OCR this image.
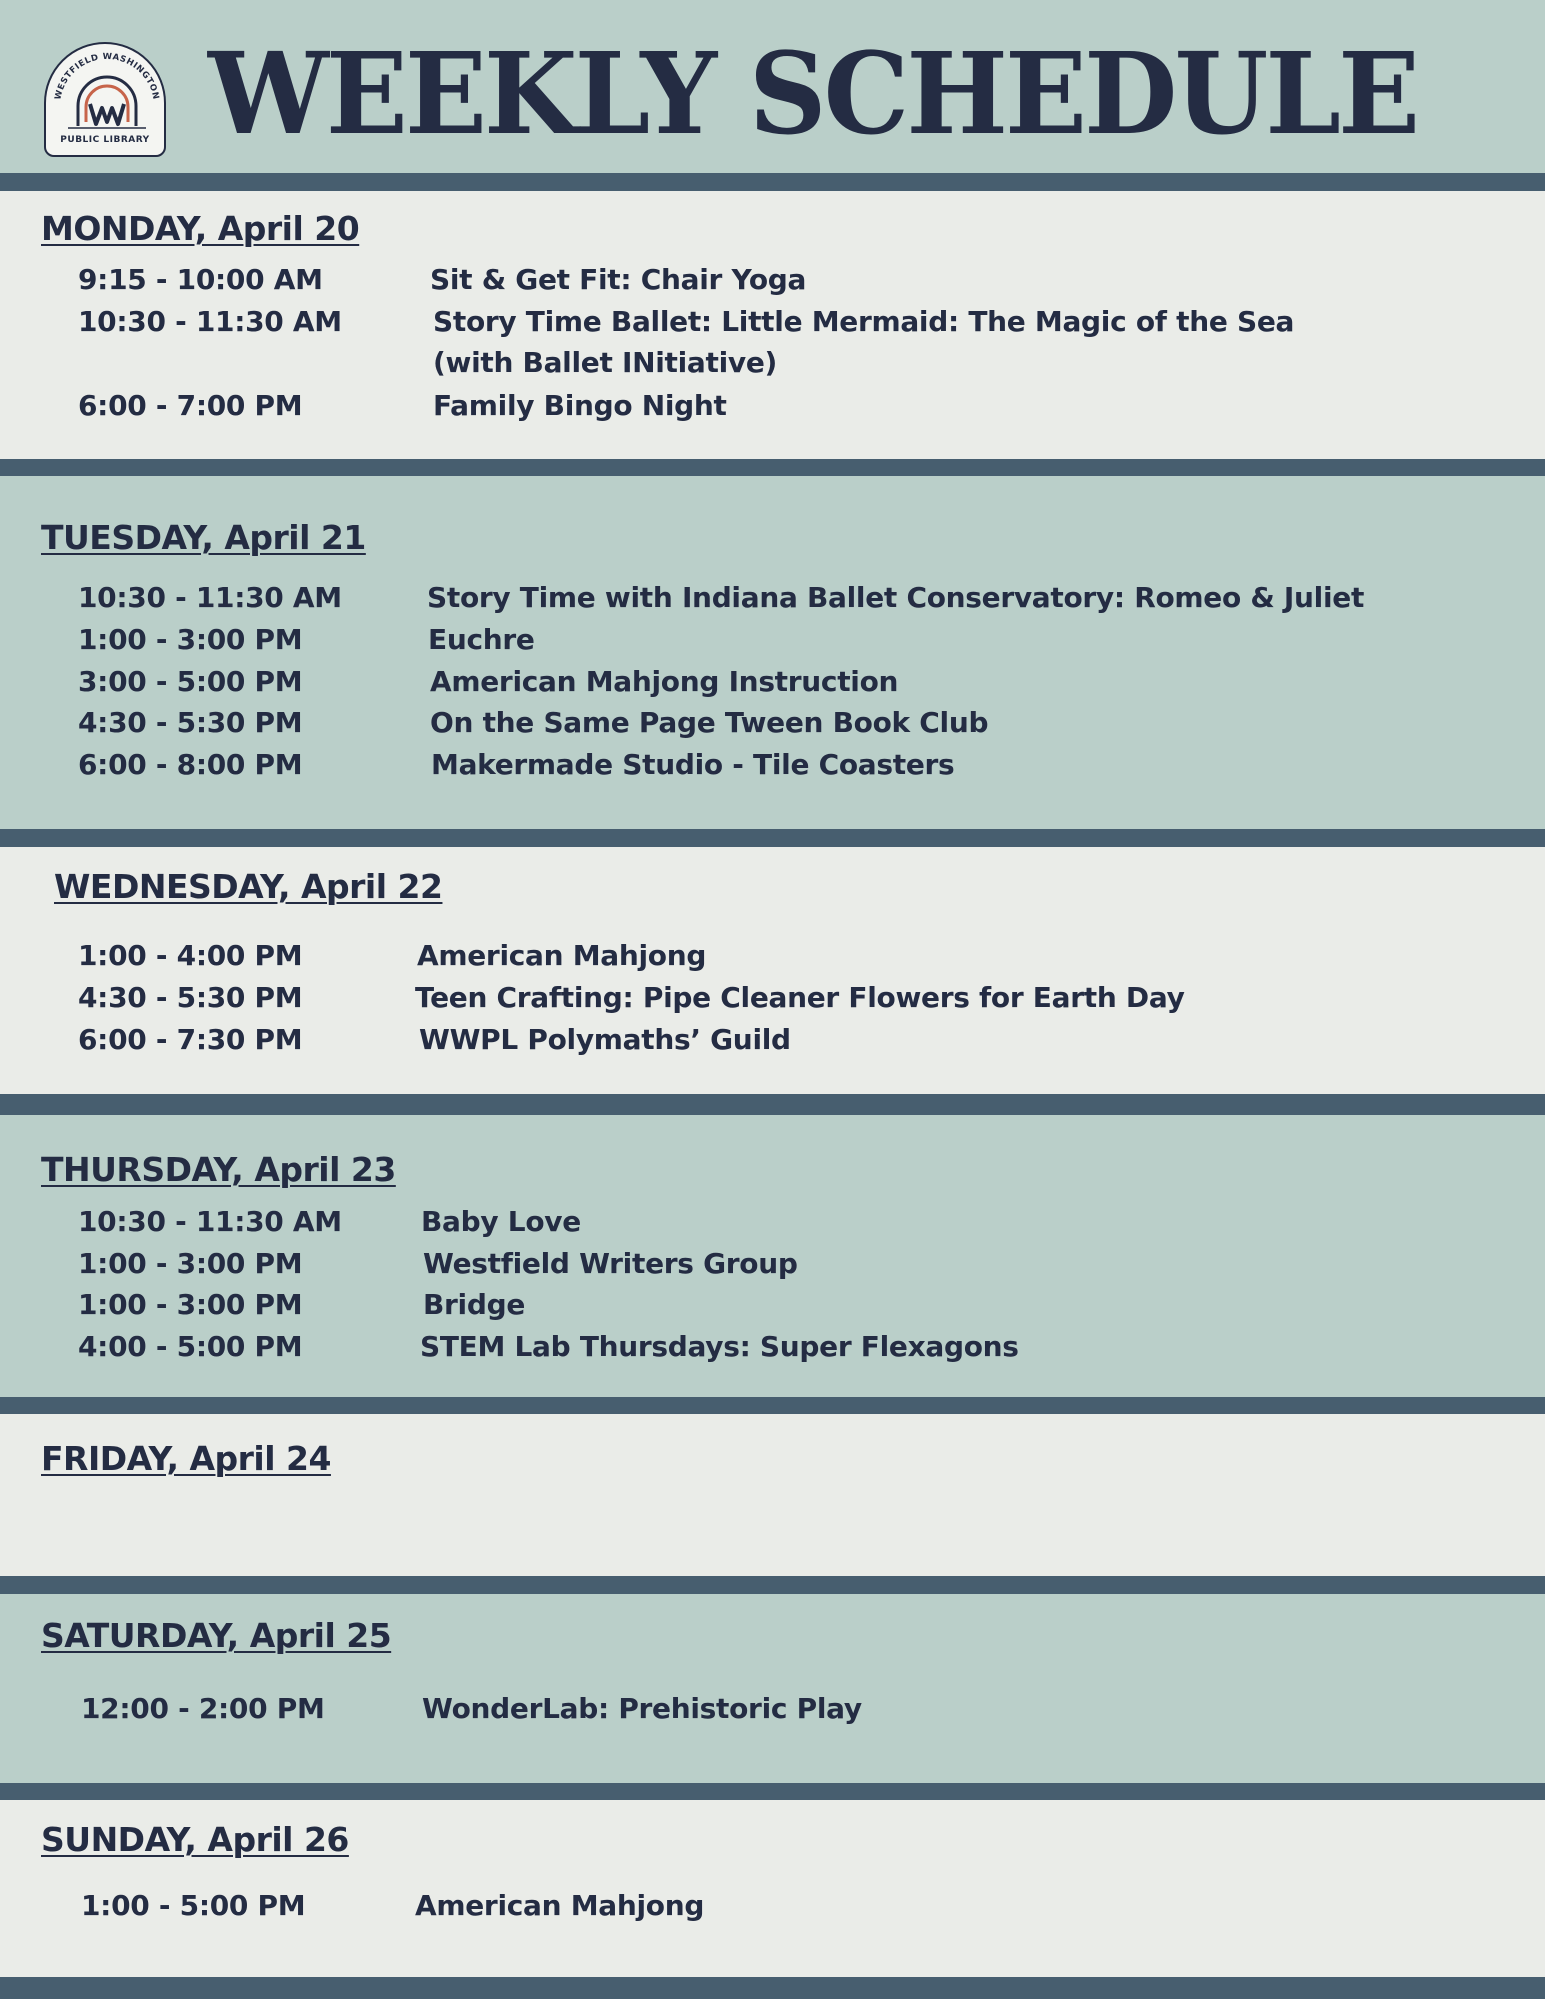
WESTFIELD WASHINGTON
PUBLIC LIBRARY WEEKLY SCHEDULE
MONDAY, April 20
9:15 - 10:00 AM	Sit & Get Fit: Chair Yoga
10:30 - 11:30 AM	Story Time Ballet: Little Mermaid: The Magic of the Sea
(with Ballet INitiative)
6:00 - 7:00 PM	Family Bingo Night
TUESDAY, April 21
10:30 - 11:30 AM	Story Time with Indiana Ballet Conservatory: Romeo & Juliet
1:00 - 3:00 PM	Euchre
3:00 - 5:00 PM	American Mahjong Instruction
4:30 - 5:30 PM	On the Same Page Tween Book Club
6:00 - 8:00 PM	Makermade Studio - Tile Coasters
WEDNESDAY, April 22
1:00 - 4:00 PM	American Mahjong
4:30 - 5:30 PM	Teen Crafting: Pipe Cleaner Flowers for Earth Day
6:00 - 7:30 PM	WWPL Polymaths’ Guild
THURSDAY, April 23
10:30 - 11:30 AM	Baby Love
1:00 - 3:00 PM	Westfield Writers Group
1:00 - 3:00 PM	Bridge
4:00 - 5:00 PM	STEM Lab Thursdays: Super Flexagons
FRIDAY, April 24
SATURDAY, April 25
12:00 - 2:00 PM	WonderLab: Prehistoric Play
SUNDAY, April 26
1:00 - 5:00 PM	American Mahjong
